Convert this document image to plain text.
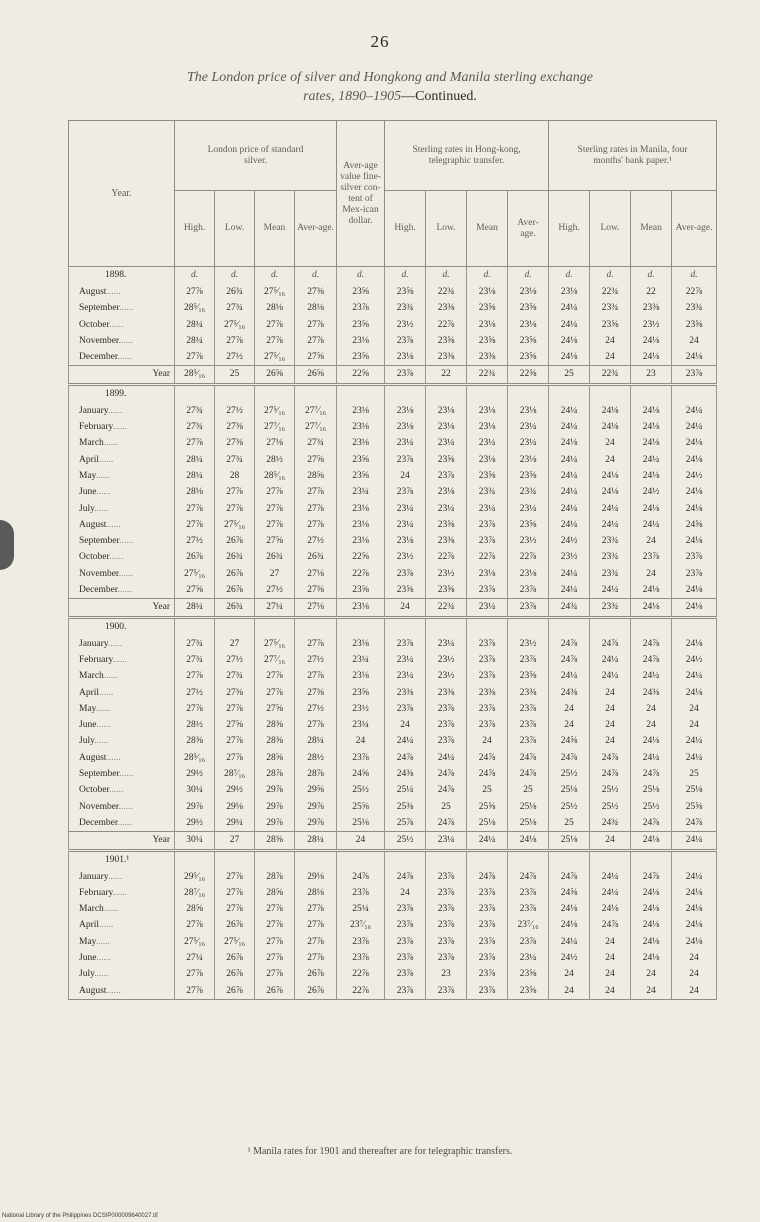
26
The London price of silver and Hongkong and Manila sterling exchange
rates, 1890–1905—Continued.
Year.	London price of standard silver.				Aver-age value fine-silver con-tent of Mex-ican dollar.	Sterling rates in Hong-kong, telegraphic transfer.				Sterling rates in Manila, four months' bank paper.¹			
	High.	Low.	Mean	Aver-age.		High.	Low.	Mean	Aver-age.	High.	Low.	Mean	Aver-age.
1898.	d.	d.	d.	d.	d.	d.	d.	d.	d.	d.	d.	d.	d.
August......	27⅞	26¾	27⁵⁄₁₆	27⅜	23⅝	23⅝	22¾	23⅛	23⅛	23⅛	22¾	22	22⅞
September......	28⁵⁄₁₆	27¾	28⅛	28⅛	23⅞	23¾	23⅜	23⅝	23⅝	24¼	23¾	23⅜	23¾
October......	28¼	27⁵⁄₁₆	27⅞	27⅞	23⅝	23½	22⅞	23⅛	23⅛	24¼	23⅝	23½	23⅝
November......	28¼	27⅞	27⅞	27⅞	23⅛	23⅞	23⅝	23⅝	23⅝	24⅛	24	24⅛	24
December......	27⅞	27½	27⁵⁄₁₆	27⅝	23⅝	23⅛	23⅜	23⅜	23⅝	24⅛	24	24⅛	24⅛
Year	28⁵⁄₁₆	25	26⅝	26⅝	22⅝	23⅞	22	22¾	22⅝	25	22¾	23	23⅞
1899.													
January......	27¾	27½	27⁵⁄₁₆	27⁷⁄₁₆	23⅛	23⅛	23⅛	23⅛	23⅛	24¼	24⅛	24⅛	24¼
February......	27¾	27⅜	27⁷⁄₁₆	27⁷⁄₁₆	23⅛	23⅛	23⅛	23⅛	23¼	24¼	24⅛	24⅛	24¼
March......	27⅞	27⅜	27⅛	27¾	23⅛	23¼	23¼	23¼	23¼	24⅛	24	24⅛	24⅛
April......	28¼	27¾	28½	27⅝	23⅝	23⅞	23⅝	23⅛	23⅛	24¼	24	24¼	24⅛
May......	28¼	28	28⁵⁄₁₆	28⅝	23⅝	24	23⅞	23⅝	23⅝	24¼	24⅛	24⅛	24½
June......	28⅛	27⅞	27⅞	27⅞	23¼	23⅞	23⅛	23¾	23¾	24¼	24⅛	24½	24⅛
July......	27⅞	27⅞	27⅞	27⅞	23⅛	23¼	23¼	23¼	23¼	24¼	24¼	24⅛	24⅛
August......	27⅞	27⁵⁄₁₆	27⅞	27⅞	23⅛	23¼	23⅝	23⅞	23⅝	24¼	24¼	24¼	24⅝
September......	27½	26⅞	27⅝	27½	23⅛	23⅛	23⅜	23⅞	23½	24½	23¾	24	24⅛
October......	26⅞	26¾	26¾	26¾	22⅝	23½	22⅞	22⅞	22⅞	23½	23¾	23⅞	23⅞
November......	27⁵⁄₁₆	26⅞	27	27⅛	22⅞	23⅞	23½	23⅛	23⅛	24¼	23¾	24	23⅞
December......	27⅝	26⅞	27½	27⅜	23⅝	23⅝	23⅝	23⅞	23⅞	24¼	24¼	24⅛	24⅛
Year	28¼	26¾	27¼	27⅛	23⅛	24	22¾	23¼	23⅞	24¾	23¾	24⅛	24⅛
1900.													
January......	27¾	27	27⁵⁄₁₆	27⅞	23⅛	23⅞	23¼	23⅞	23½	24⅞	24⅞	24⅞	24⅛
February......	27¾	27½	27⁷⁄₁₆	27½	23¼	23¼	23½	23⅞	23⅞	24⅞	24¼	24⅞	24½
March......	27⅞	27¾	27⅞	27⅞	23⅛	23¼	23½	23⅞	23⅝	24¼	24¼	24¼	24¼
April......	27½	27⅜	27⅞	27⅜	23⅝	23⅜	23⅜	23⅜	23⅜	24⅜	24	24⅜	24⅛
May......	27⅞	27⅞	27⅝	27½	23½	23⅞	23⅞	23⅞	23⅞	24	24	24	24
June......	28½	27⅝	28⅜	27⅞	23¼	24	23⅞	23⅞	23⅞	24	24	24	24
July......	28⅜	27⅞	28⅜	28¼	24	24¼	23⅞	24	23⅞	24⅝	24	24⅛	24¼
August......	28⁵⁄₁₆	27⅞	28⅝	28½	23⅞	24⅞	24¼	24⅞	24⅞	24⅞	24⅞	24¼	24¼
September......	29½	28⁷⁄₁₆	28⅞	28⅞	24⅝	24⅜	24⅞	24⅞	24⅞	25½	24⅞	24⅞	25
October......	30¼	29½	29⅞	29⅝	25½	25¼	24⅞	25	25	25⅛	25½	25⅛	25⅛
November......	29⅞	29⅛	29⅞	29⅞	25⅝	25⅜	25	25⅝	25⅛	25½	25½	25½	25⅝
December......	29½	29¼	29⅞	29⅞	25⅛	25⅞	24⅞	25⅛	25⅛	25	24¾	24⅞	24⅞
Year	30¼	27	28⅜	28¼	24	25½	23¼	24¼	24⅛	25⅛	24	24⅛	24¼
1901.¹													
January......	29⁵⁄₁₆	27⅞	28⅞	29⅛	24⅞	24⅞	23⅞	24⅞	24⅞	24⅞	24¼	24⅞	24¼
February......	28⁷⁄₁₆	27⅞	28⅝	28⅛	23⅞	24	23⅞	23⅞	23⅞	24⅝	24¼	24⅛	24⅛
March......	28⅝	27⅞	27⅞	27⅞	25¼	23⅞	23⅞	23⅞	23⅞	24⅛	24⅛	24⅛	24⅛
April......	27⅞	26⅞	27⅞	27⅞	23⁷⁄₁₆	23⅞	23⅞	23⅞	23⁷⁄₁₆	24⅛	24⅞	24⅛	24⅛
May......	27⁵⁄₁₆	27⁵⁄₁₆	27⅞	27⅞	23⅞	23⅞	23⅞	23⅞	23⅞	24¼	24	24⅛	24⅛
June......	27¼	26⅞	27⅞	27⅞	23⅞	23⅞	23⅞	23⅞	23¼	24½	24	24⅛	24
July......	27⅞	26⅞	27⅞	26⅞	22⅞	23⅞	23	23⅞	23⅝	24	24	24	24
August......	27⅞	26⅞	26⅞	26⅞	22⅞	23⅞	23⅞	23⅞	23⅝	24	24	24	24
¹ Manila rates for 1901 and thereafter are for telegraphic transfers.
National Library of the Philippines DCSIP000009640027.tif
